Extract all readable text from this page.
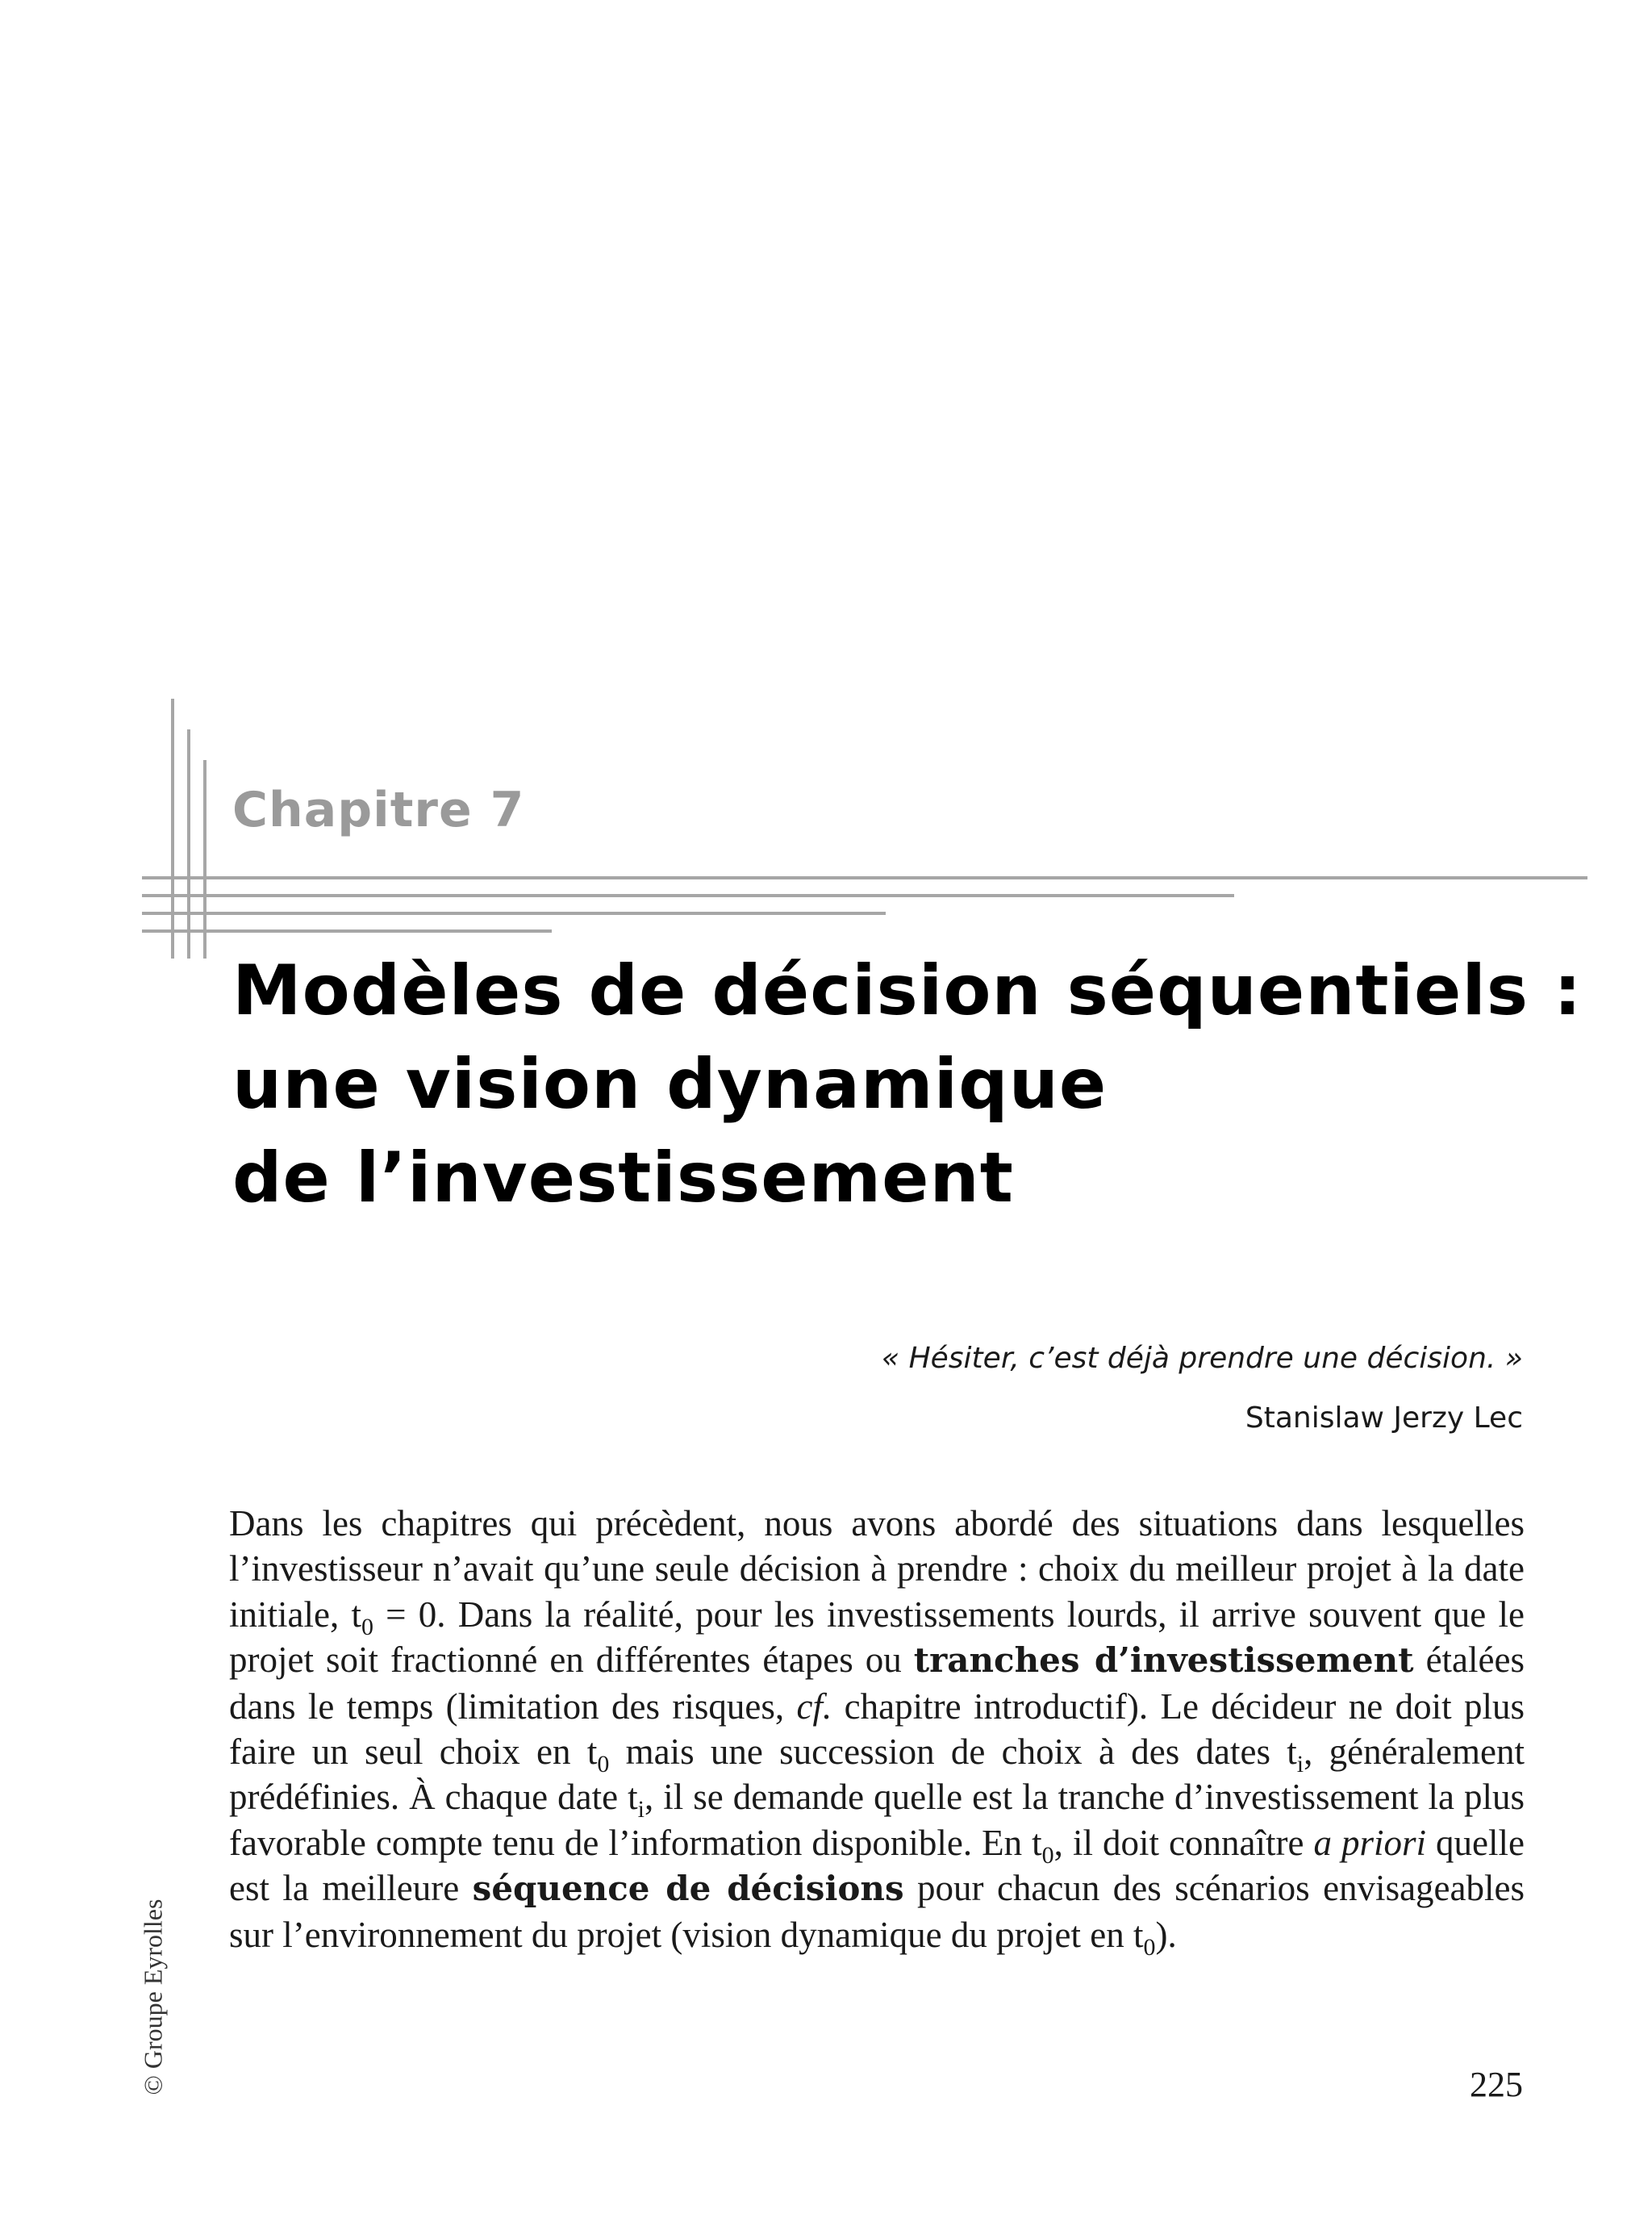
Chapitre 7
Modèles de décision séquentiels :
une vision dynamique
de l’investissement
« Hésiter, c’est déjà prendre une décision. »
Stanislaw Jerzy Lec

Dans les chapitres qui précèdent, nous avons abordé des situations dans lesquelles l’investisseur n’avait qu’une seule décision à prendre : choix du meilleur projet à la date initiale, $t_0 = 0$. Dans la réalité, pour les investissements lourds, il arrive souvent que le projet soit fractionné en différentes étapes ou tranches d’investissement étalées dans le temps (limitation des risques, cf. chapitre introductif). Le décideur ne doit plus faire un seul choix en $t_0$ mais une succession de choix à des dates $t_i$, généralement prédéfinies. À chaque date $t_i$, il se demande quelle est la tranche d’investissement la plus favorable compte tenu de l’information disponible. En $t_0$, il doit connaître a priori quelle est la meilleure séquence de décisions pour chacun des scénarios envisageables sur l’environnement du projet (vision dynamique du projet en $t_0$).

© Groupe Eyrolles	225
